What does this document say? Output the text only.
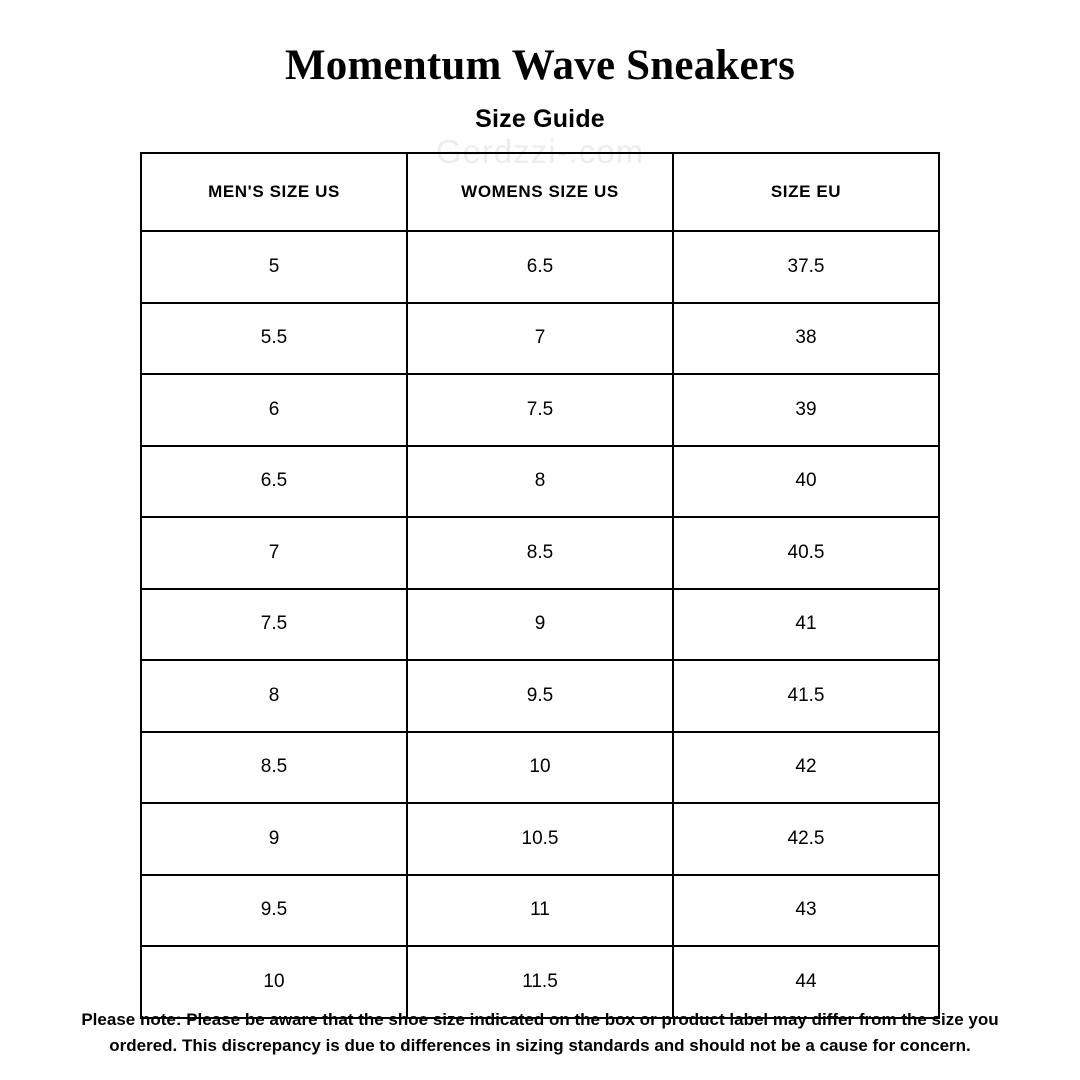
Momentum Wave Sneakers
Size Guide
Gerdzzi-.com
MEN'S SIZE US	WOMENS SIZE US	SIZE EU
5	6.5	37.5
5.5	7	38
6	7.5	39
6.5	8	40
7	8.5	40.5
7.5	9	41
8	9.5	41.5
8.5	10	42
9	10.5	42.5
9.5	11	43
10	11.5	44
Please note: Please be aware that the shoe size indicated on the box or product label may differ from the size you ordered. This discrepancy is due to differences in sizing standards and should not be a cause for concern.
